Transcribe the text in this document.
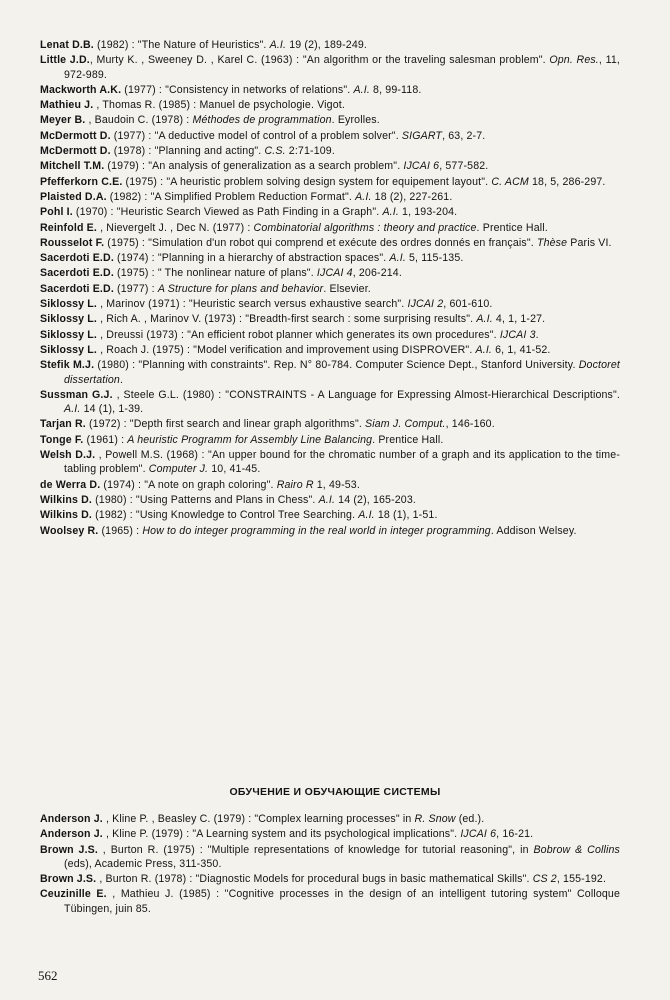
Lenat D.B. (1982) : "The Nature of Heuristics". A.I. 19 (2), 189-249.
Little J.D., Murty K. , Sweeney D. , Karel C. (1963) : "An algorithm or the traveling salesman problem". Opn. Res., 11, 972-989.
Mackworth A.K. (1977) : "Consistency in networks of relations". A.I. 8, 99-118.
Mathieu J. , Thomas R. (1985) : Manuel de psychologie. Vigot.
Meyer B. , Baudoin C. (1978) : Méthodes de programmation. Eyrolles.
McDermott D. (1977) : "A deductive model of control of a problem solver". SIGART, 63, 2-7.
McDermott D. (1978) : "Planning and acting". C.S. 2:71-109.
Mitchell T.M. (1979) : "An analysis of generalization as a search problem". IJCAI 6, 577-582.
Pfefferkorn C.E. (1975) : "A heuristic problem solving design system for equipement layout". C. ACM 18, 5, 286-297.
Plaisted D.A. (1982) : "A Simplified Problem Reduction Format". A.I. 18 (2), 227-261.
Pohl I. (1970) : "Heuristic Search Viewed as Path Finding in a Graph". A.I. 1, 193-204.
Reinfold E. , Nievergelt J. , Dec N. (1977) : Combinatorial algorithms : theory and practice. Prentice Hall.
Rousselot F. (1975) : "Simulation d'un robot qui comprend et exécute des ordres donnés en français". Thèse Paris VI.
Sacerdoti E.D. (1974) : "Planning in a hierarchy of abstraction spaces". A.I. 5, 115-135.
Sacerdoti E.D. (1975) : " The nonlinear nature of plans". IJCAI 4, 206-214.
Sacerdoti E.D. (1977) : A Structure for plans and behavior. Elsevier.
Siklossy L. , Marinov (1971) : "Heuristic search versus exhaustive search". IJCAI 2, 601-610.
Siklossy L. , Rich A. , Marinov V. (1973) : "Breadth-first search : some surprising results". A.I. 4, 1, 1-27.
Siklossy L. , Dreussi (1973) : "An efficient robot planner which generates its own procedures". IJCAI 3.
Siklossy L. , Roach J. (1975) : "Model verification and improvement using DISPROVER". A.I. 6, 1, 41-52.
Stefik M.J. (1980) : "Planning with constraints". Rep. N° 80-784. Computer Science Dept., Stanford University. Doctoret dissertation.
Sussman G.J. , Steele G.L. (1980) : "CONSTRAINTS - A Language for Expressing Almost-Hierarchical Descriptions". A.I. 14 (1), 1-39.
Tarjan R. (1972) : "Depth first search and linear graph algorithms". Siam J. Comput., 146-160.
Tonge F. (1961) : A heuristic Programm for Assembly Line Balancing. Prentice Hall.
Welsh D.J. , Powell M.S. (1968) : "An upper bound for the chromatic number of a graph and its application to the time-tabling problem". Computer J. 10, 41-45.
de Werra D. (1974) : "A note on graph coloring". Rairo R 1, 49-53.
Wilkins D. (1980) : "Using Patterns and Plans in Chess". A.I. 14 (2), 165-203.
Wilkins D. (1982) : "Using Knowledge to Control Tree Searching. A.I. 18 (1), 1-51.
Woolsey R. (1965) : How to do integer programming in the real world in integer programming. Addison Welsey.
ОБУЧЕНИЕ И ОБУЧАЮЩИЕ СИСТЕМЫ
Anderson J. , Kline P. , Beasley C. (1979) : "Complex learning processes" in R. Snow (ed.).
Anderson J. , Kline P. (1979) : "A Learning system and its psychological implications". IJCAI 6, 16-21.
Brown J.S. , Burton R. (1975) : "Multiple representations of knowledge for tutorial reasoning", in Bobrow & Collins (eds), Academic Press, 311-350.
Brown J.S. , Burton R. (1978) : "Diagnostic Models for procedural bugs in basic mathematical Skills". CS 2, 155-192.
Ceuzinille E. , Mathieu J. (1985) : "Cognitive processes in the design of an intelligent tutoring system" Colloque Tübingen, juin 85.
562
